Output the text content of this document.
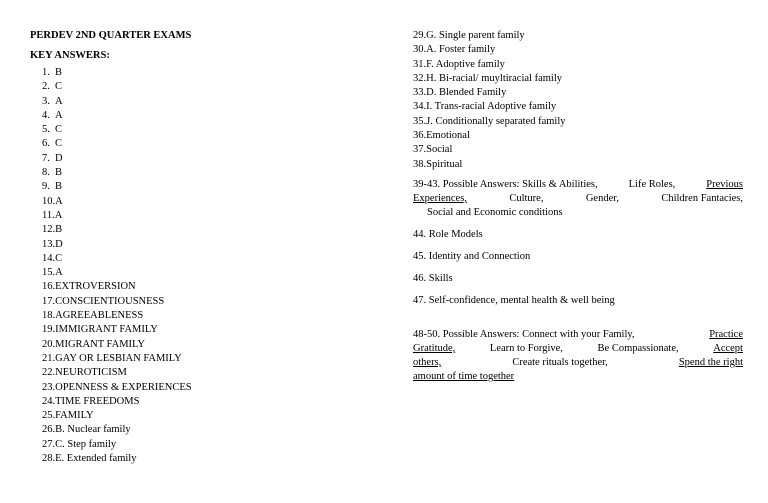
PERDEV 2ND QUARTER EXAMS
KEY ANSWERS:
1. B
2. C
3. A
4. A
5. C
6. C
7. D
8. B
9. B
10.A
11.A
12.B
13.D
14.C
15.A
16.EXTROVERSION
17.CONSCIENTIOUSNESS
18.AGREEABLENESS
19.IMMIGRANT FAMILY
20.MIGRANT FAMILY
21.GAY OR LESBIAN FAMILY
22.NEUROTICISM
23.OPENNESS & EXPERIENCES
24.TIME FREEDOMS
25.FAMILY
26.B. Nuclear family
27.C. Step family
28.E. Extended family
29.G. Single parent family
30.A. Foster family
31.F. Adoptive family
32.H. Bi-racial/ muyltiracial family
33.D. Blended Family
34.I. Trans-racial Adoptive family
35.J. Conditionally separated family
36.Emotional
37.Social
38.Spiritual
39-43. Possible Answers: Skills & Abilities,	Life Roles,	Previous
Experiences,	Culture,	Gender,	Children Fantacies,
Social and Economic conditions
44. Role Models
45. Identity and Connection
46. Skills
47. Self-confidence, mental health & well being
48-50. Possible Answers: Connect with your Family,	Practice
Gratitude,	Learn to Forgive,	Be Compassionate,	Accept
others,	Create rituals together,	Spend the right
amount of time together
